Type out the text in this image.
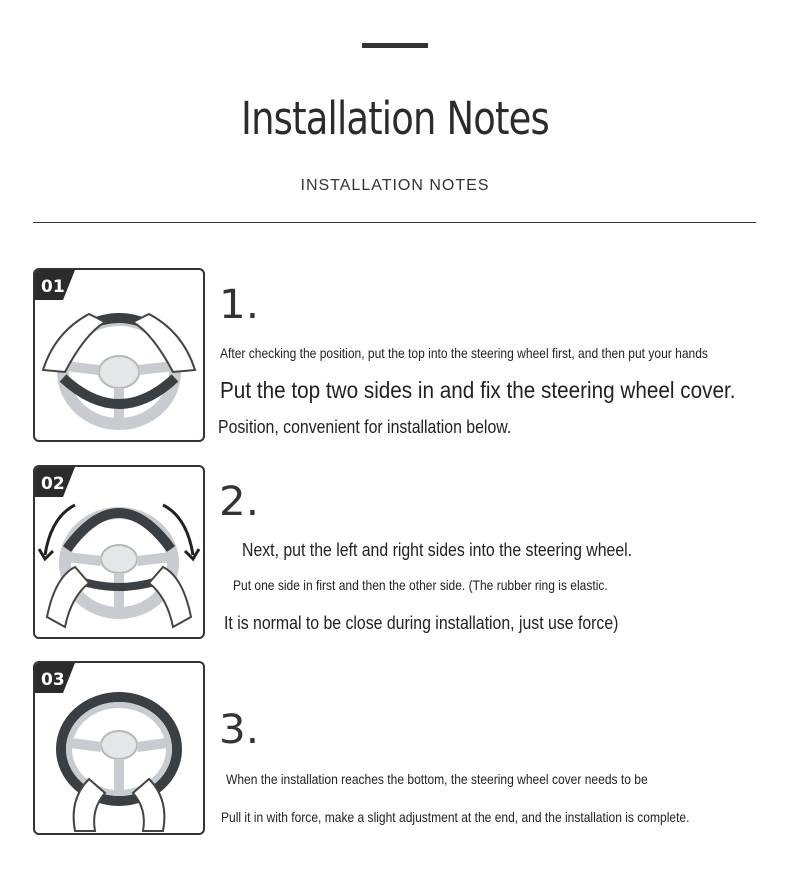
Installation Notes
INSTALLATION NOTES
01	1.
After checking the position, put the top into the steering wheel first, and then put your hands
Put the top two sides in and fix the steering wheel cover.
Position, convenient for installation below.
02	2.
Next, put the left and right sides into the steering wheel.
Put one side in first and then the other side. (The rubber ring is elastic.
It is normal to be close during installation, just use force)
03
3.
When the installation reaches the bottom, the steering wheel cover needs to be
Pull it in with force, make a slight adjustment at the end, and the installation is complete.
